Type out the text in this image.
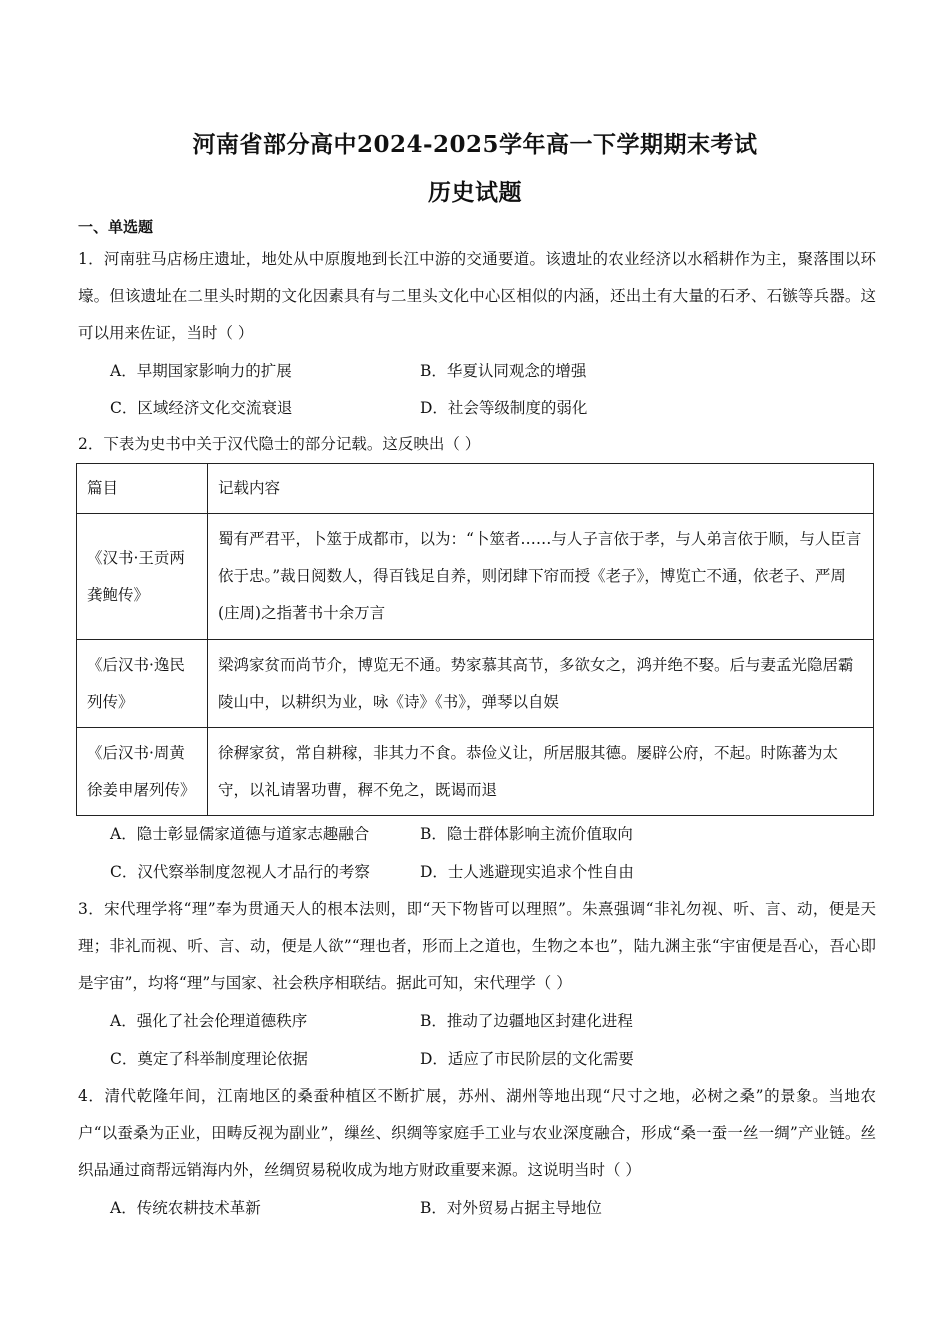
河南省部分高中2024-2025学年高一下学期期末考试
历史试题
一、单选题
1．河南驻马店杨庄遗址，地处从中原腹地到长江中游的交通要道。该遗址的农业经济以水稻耕作为主，聚落围以环壕。但该遗址在二里头时期的文化因素具有与二里头文化中心区相似的内涵，还出土有大量的石矛、石镞等兵器。这可以用来佐证，当时（ ）
A．早期国家影响力的扩展	B．华夏认同观念的增强
C．区域经济文化交流衰退	D．社会等级制度的弱化
2．下表为史书中关于汉代隐士的部分记载。这反映出（ ）
篇目	记载内容
《汉书·王贡两龚鲍传》	蜀有严君平，卜筮于成都市，以为：“卜筮者……与人子言依于孝，与人弟言依于顺，与人臣言依于忠。”裁日阅数人，得百钱足自养，则闭肆下帘而授《老子》，博览亡不通，依老子、严周(庄周)之指著书十余万言
《后汉书·逸民列传》	梁鸿家贫而尚节介，博览无不通。势家慕其高节，多欲女之，鸿并绝不娶。后与妻孟光隐居霸陵山中，以耕织为业，咏《诗》《书》，弹琴以自娱
《后汉书·周黄徐姜申屠列传》	徐稺家贫，常自耕稼，非其力不食。恭俭义让，所居服其德。屡辟公府，不起。时陈蕃为太守，以礼请署功曹，稺不免之，既谒而退
A．隐士彰显儒家道德与道家志趣融合	B．隐士群体影响主流价值取向
C．汉代察举制度忽视人才品行的考察	D．士人逃避现实追求个性自由
3．宋代理学将“理”奉为贯通天人的根本法则，即“天下物皆可以理照”。朱熹强调“非礼勿视、听、言、动，便是天理；非礼而视、听、言、动，便是人欲”“理也者，形而上之道也，生物之本也”，陆九渊主张“宇宙便是吾心，吾心即是宇宙”，均将“理”与国家、社会秩序相联结。据此可知，宋代理学（ ）
A．强化了社会伦理道德秩序	B．推动了边疆地区封建化进程
C．奠定了科举制度理论依据	D．适应了市民阶层的文化需要
4．清代乾隆年间，江南地区的桑蚕种植区不断扩展，苏州、湖州等地出现“尺寸之地，必树之桑”的景象。当地农户“以蚕桑为正业，田畴反视为副业”，缫丝、织绸等家庭手工业与农业深度融合，形成“桑一蚕一丝一绸”产业链。丝织品通过商帮远销海内外，丝绸贸易税收成为地方财政重要来源。这说明当时（ ）
A．传统农耕技术革新	B．对外贸易占据主导地位
